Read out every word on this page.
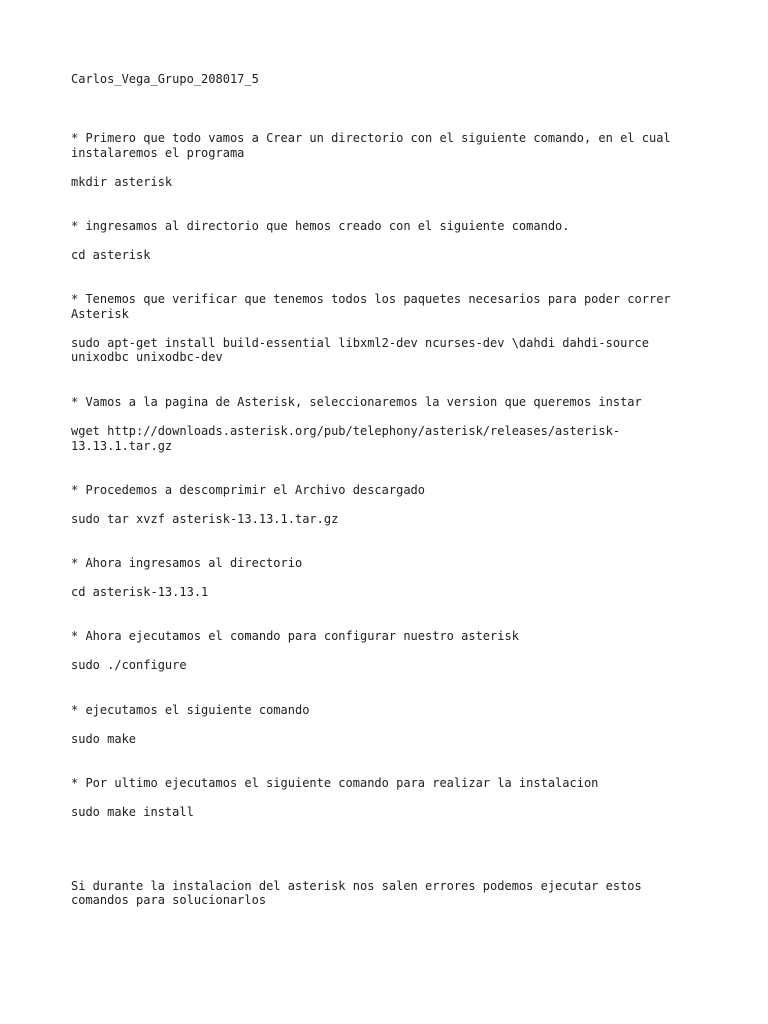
Carlos_Vega_Grupo_208017_5

* Primero que todo vamos a Crear un directorio con el siguiente comando, en el cual

instalaremos el programa

mkdir asterisk

* ingresamos al directorio que hemos creado con el siguiente comando.

cd asterisk

* Tenemos que verificar que tenemos todos los paquetes necesarios para poder correr

Asterisk

sudo apt-get install build-essential libxml2-dev ncurses-dev \dahdi dahdi-source

unixodbc unixodbc-dev

* Vamos a la pagina de Asterisk, seleccionaremos la version que queremos instar

wget http://downloads.asterisk.org/pub/telephony/asterisk/releases/asterisk-

13.13.1.tar.gz

* Procedemos a descomprimir el Archivo descargado

sudo tar xvzf asterisk-13.13.1.tar.gz

* Ahora ingresamos al directorio

cd asterisk-13.13.1

* Ahora ejecutamos el comando para configurar nuestro asterisk

sudo ./configure

* ejecutamos el siguiente comando

sudo make

* Por ultimo ejecutamos el siguiente comando para realizar la instalacion

sudo make install

Si durante la instalacion del asterisk nos salen errores podemos ejecutar estos

comandos para solucionarlos
